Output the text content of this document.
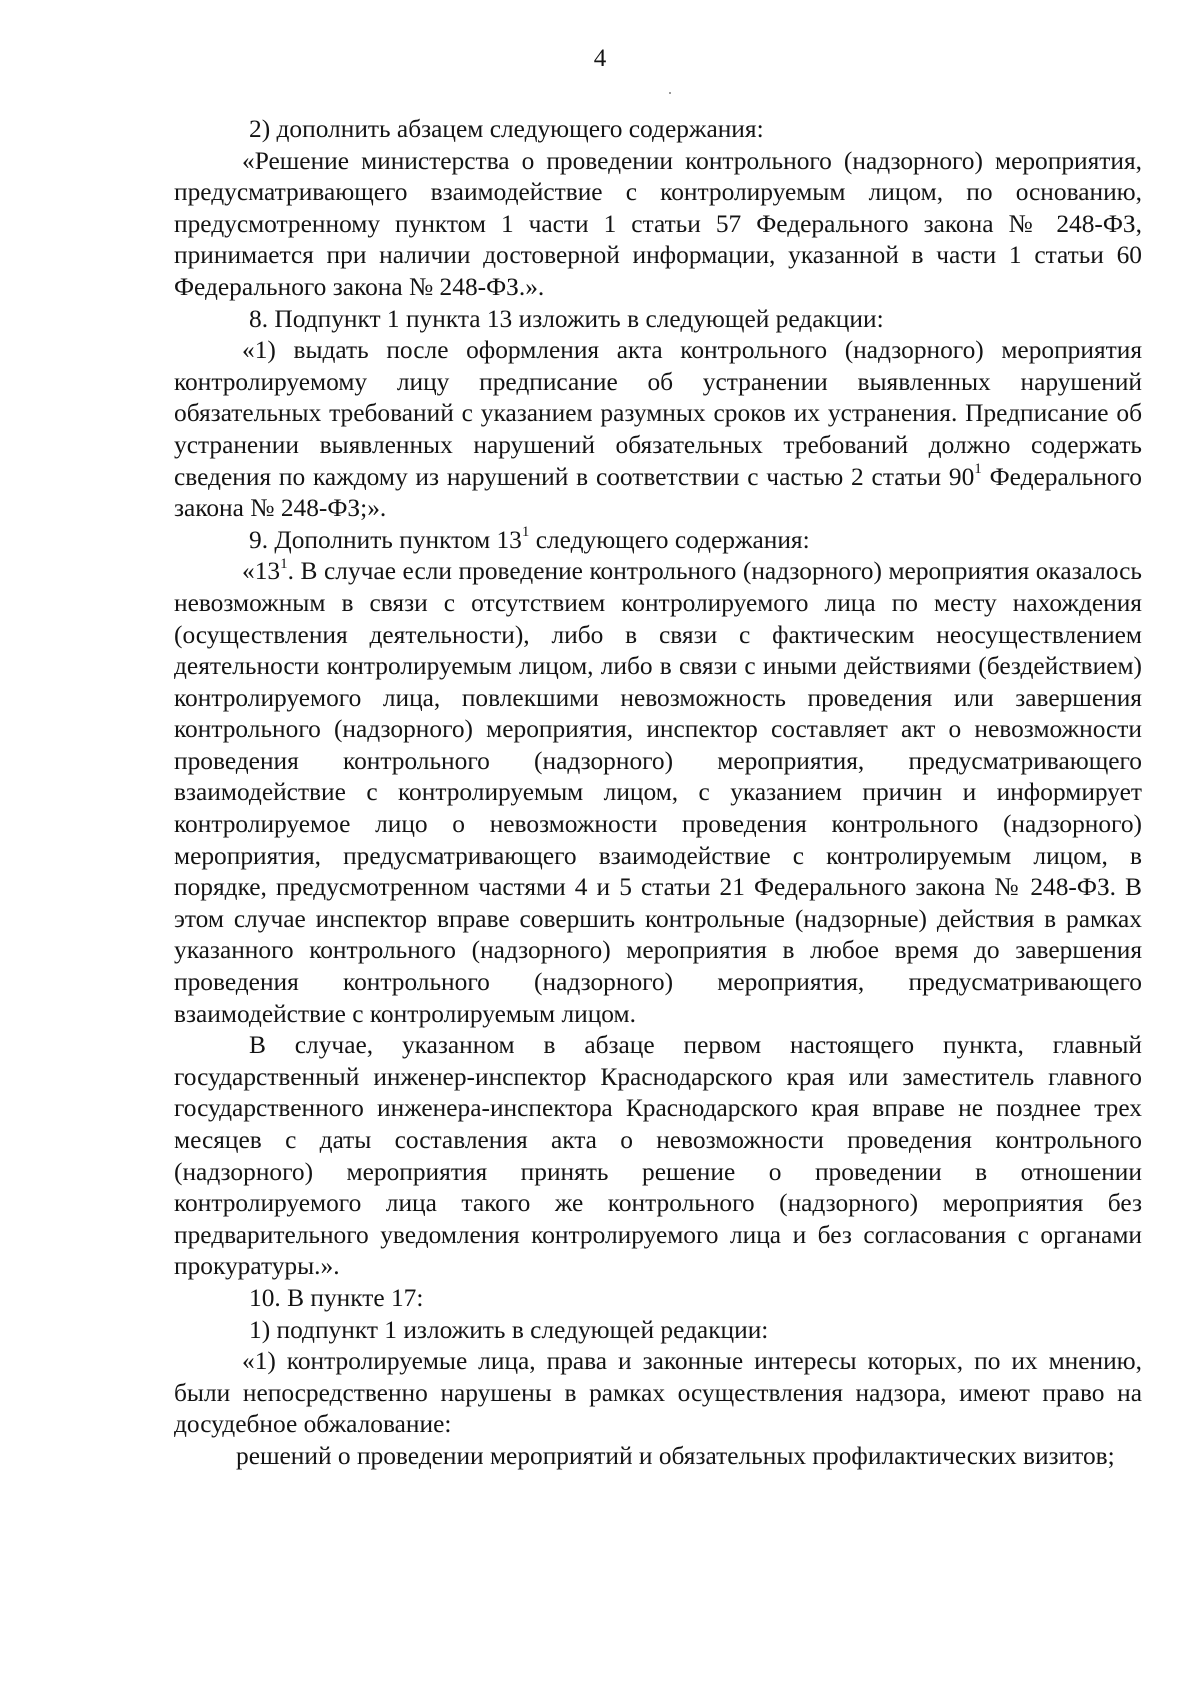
4

2) дополнить абзацем следующего содержания:

«Решение министерства о проведении контрольного (надзорного) мероприятия, предусматривающего взаимодействие с контролируемым лицом, по основанию, предусмотренному пунктом 1 части 1 статьи 57 Федерального закона № 248-ФЗ, принимается при наличии достоверной информации, указанной в части 1 статьи 60 Федерального закона № 248-ФЗ.».

8. Подпункт 1 пункта 13 изложить в следующей редакции:

«1) выдать после оформления акта контрольного (надзорного) мероприятия контролируемому лицу предписание об устранении выявленных нарушений обязательных требований с указанием разумных сроков их устранения. Предписание об устранении выявленных нарушений обязательных требований должно содержать сведения по каждому из нарушений в соответствии с частью 2 статьи $90^1$ Федерального закона № 248-ФЗ;».

9. Дополнить пунктом $13^1$ следующего содержания:

«$13^1$. В случае если проведение контрольного (надзорного) мероприятия оказалось невозможным в связи с отсутствием контролируемого лица по месту нахождения (осуществления деятельности), либо в связи с фактическим неосуществлением деятельности контролируемым лицом, либо в связи с иными действиями (бездействием) контролируемого лица, повлекшими невозможность проведения или завершения контрольного (надзорного) мероприятия, инспектор составляет акт о невозможности проведения контрольного (надзорного) мероприятия, предусматривающего взаимодействие с контролируемым лицом, с указанием причин и информирует контролируемое лицо о невозможности проведения контрольного (надзорного) мероприятия, предусматривающего взаимодействие с контролируемым лицом, в порядке, предусмотренном частями 4 и 5 статьи 21 Федерального закона № 248-ФЗ. В этом случае инспектор вправе совершить контрольные (надзорные) действия в рамках указанного контрольного (надзорного) мероприятия в любое время до завершения проведения контрольного (надзорного) мероприятия, предусматривающего взаимодействие с контролируемым лицом.

В случае, указанном в абзаце первом настоящего пункта, главный государственный инженер-инспектор Краснодарского края или заместитель главного государственного инженера-инспектора Краснодарского края вправе не позднее трех месяцев с даты составления акта о невозможности проведения контрольного (надзорного) мероприятия принять решение о проведении в отношении контролируемого лица такого же контрольного (надзорного) мероприятия без предварительного уведомления контролируемого лица и без согласования с органами прокуратуры.».

10. В пункте 17:

1) подпункт 1 изложить в следующей редакции:

«1) контролируемые лица, права и законные интересы которых, по их мнению, были непосредственно нарушены в рамках осуществления надзора, имеют право на досудебное обжалование:

решений о проведении мероприятий и обязательных профилактических визитов;
